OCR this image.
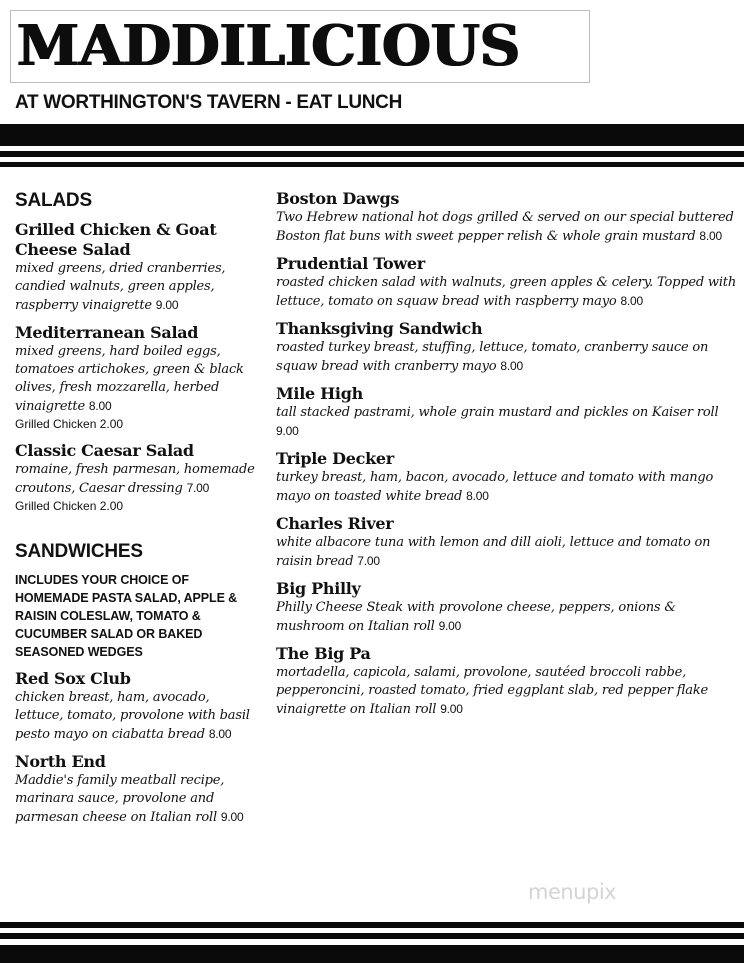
MADDILICIOUS
AT WORTHINGTON'S TAVERN - EAT LUNCH
SALADS
Grilled Chicken & Goat Cheese Salad
mixed greens, dried cranberries, candied walnuts, green apples, raspberry vinaigrette 9.00
Mediterranean Salad
mixed greens, hard boiled eggs, tomatoes artichokes, green & black olives, fresh mozzarella, herbed vinaigrette 8.00
Grilled Chicken 2.00
Classic Caesar Salad
romaine, fresh parmesan, homemade croutons, Caesar dressing 7.00
Grilled Chicken 2.00
SANDWICHES
INCLUDES YOUR CHOICE OF HOMEMADE PASTA SALAD, APPLE & RAISIN COLESLAW, TOMATO & CUCUMBER SALAD OR BAKED SEASONED WEDGES
Red Sox Club
chicken breast, ham, avocado, lettuce, tomato, provolone with basil pesto mayo on ciabatta bread 8.00
North End
Maddie's family meatball recipe, marinara sauce, provolone and parmesan cheese on Italian roll 9.00
Boston Dawgs
Two Hebrew national hot dogs grilled & served on our special buttered Boston flat buns with sweet pepper relish & whole grain mustard 8.00
Prudential Tower
roasted chicken salad with walnuts, green apples & celery. Topped with lettuce, tomato on squaw bread with raspberry mayo 8.00
Thanksgiving Sandwich
roasted turkey breast, stuffing, lettuce, tomato, cranberry sauce on squaw bread with cranberry mayo 8.00
Mile High
tall stacked pastrami, whole grain mustard and pickles on Kaiser roll 9.00
Triple Decker
turkey breast, ham, bacon, avocado, lettuce and tomato with mango mayo on toasted white bread 8.00
Charles River
white albacore tuna with lemon and dill aioli, lettuce and tomato on raisin bread 7.00
Big Philly
Philly Cheese Steak with provolone cheese, peppers, onions & mushroom on Italian roll 9.00
The Big Pa
mortadella, capicola, salami, provolone, sautéed broccoli rabbe, pepperoncini, roasted tomato, fried eggplant slab, red pepper flake vinaigrette on Italian roll 9.00
menupix
